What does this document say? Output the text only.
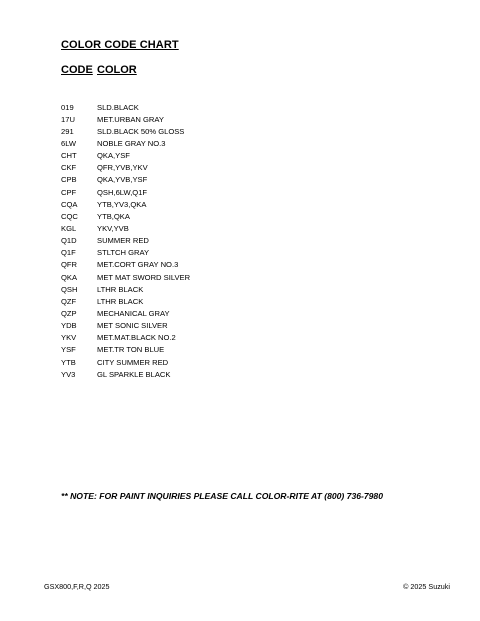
COLOR CODE CHART
CODE COLOR
019	SLD.BLACK
17U	MET.URBAN GRAY
291	SLD.BLACK 50% GLOSS
6LW	NOBLE GRAY NO.3
CHT	QKA,YSF
CKF	QFR,YVB,YKV
CPB	QKA,YVB,YSF
CPF	QSH,6LW,Q1F
CQA	YTB,YV3,QKA
CQC	YTB,QKA
KGL	YKV,YVB
Q1D	SUMMER RED
Q1F	STLTCH GRAY
QFR	MET.CORT GRAY NO.3
QKA	MET MAT SWORD SILVER
QSH	LTHR BLACK
QZF	LTHR BLACK
QZP	MECHANICAL GRAY
YDB	MET SONIC SILVER
YKV	MET.MAT.BLACK NO.2
YSF	MET.TR TON BLUE
YTB	CITY SUMMER RED
YV3	GL SPARKLE BLACK
** NOTE: FOR PAINT INQUIRIES PLEASE CALL COLOR-RITE AT (800) 736-7980
GSX800,F,R,Q 2025	© 2025 Suzuki
